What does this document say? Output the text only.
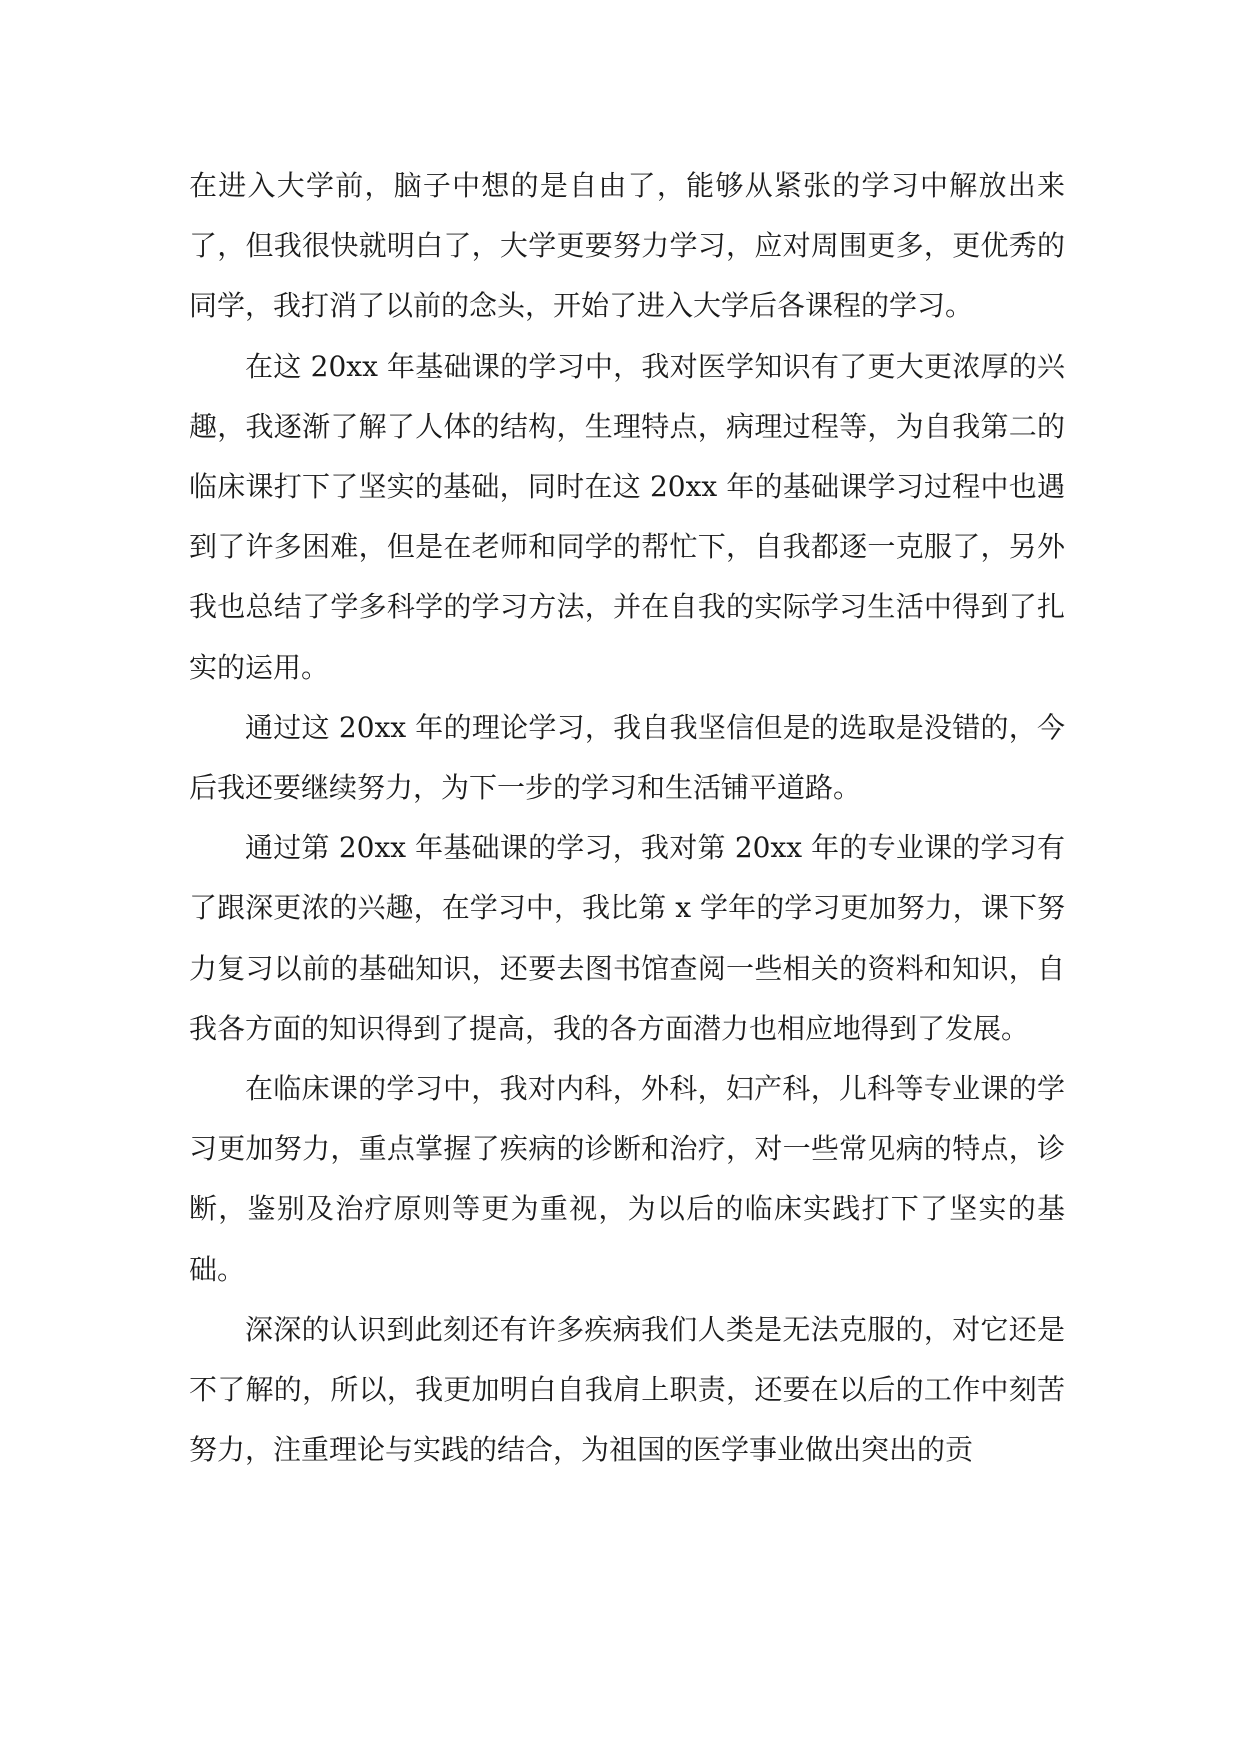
在进入大学前，脑子中想的是自由了，能够从紧张的学习中解放出来了，但我很快就明白了，大学更要努力学习，应对周围更多，更优秀的同学，我打消了以前的念头，开始了进入大学后各课程的学习。

在这 20xx 年基础课的学习中，我对医学知识有了更大更浓厚的兴趣，我逐渐了解了人体的结构，生理特点，病理过程等，为自我第二的临床课打下了坚实的基础，同时在这 20xx 年的基础课学习过程中也遇到了许多困难，但是在老师和同学的帮忙下，自我都逐一克服了，另外我也总结了学多科学的学习方法，并在自我的实际学习生活中得到了扎实的运用。

通过这 20xx 年的理论学习，我自我坚信但是的选取是没错的，今后我还要继续努力，为下一步的学习和生活铺平道路。

通过第 20xx 年基础课的学习，我对第 20xx 年的专业课的学习有了跟深更浓的兴趣，在学习中，我比第 x 学年的学习更加努力，课下努力复习以前的基础知识，还要去图书馆查阅一些相关的资料和知识，自我各方面的知识得到了提高，我的各方面潜力也相应地得到了发展。

在临床课的学习中，我对内科，外科，妇产科，儿科等专业课的学习更加努力，重点掌握了疾病的诊断和治疗，对一些常见病的特点，诊断，鉴别及治疗原则等更为重视，为以后的临床实践打下了坚实的基础。

深深的认识到此刻还有许多疾病我们人类是无法克服的，对它还是不了解的，所以，我更加明白自我肩上职责，还要在以后的工作中刻苦努力，注重理论与实践的结合，为祖国的医学事业做出突出的贡
